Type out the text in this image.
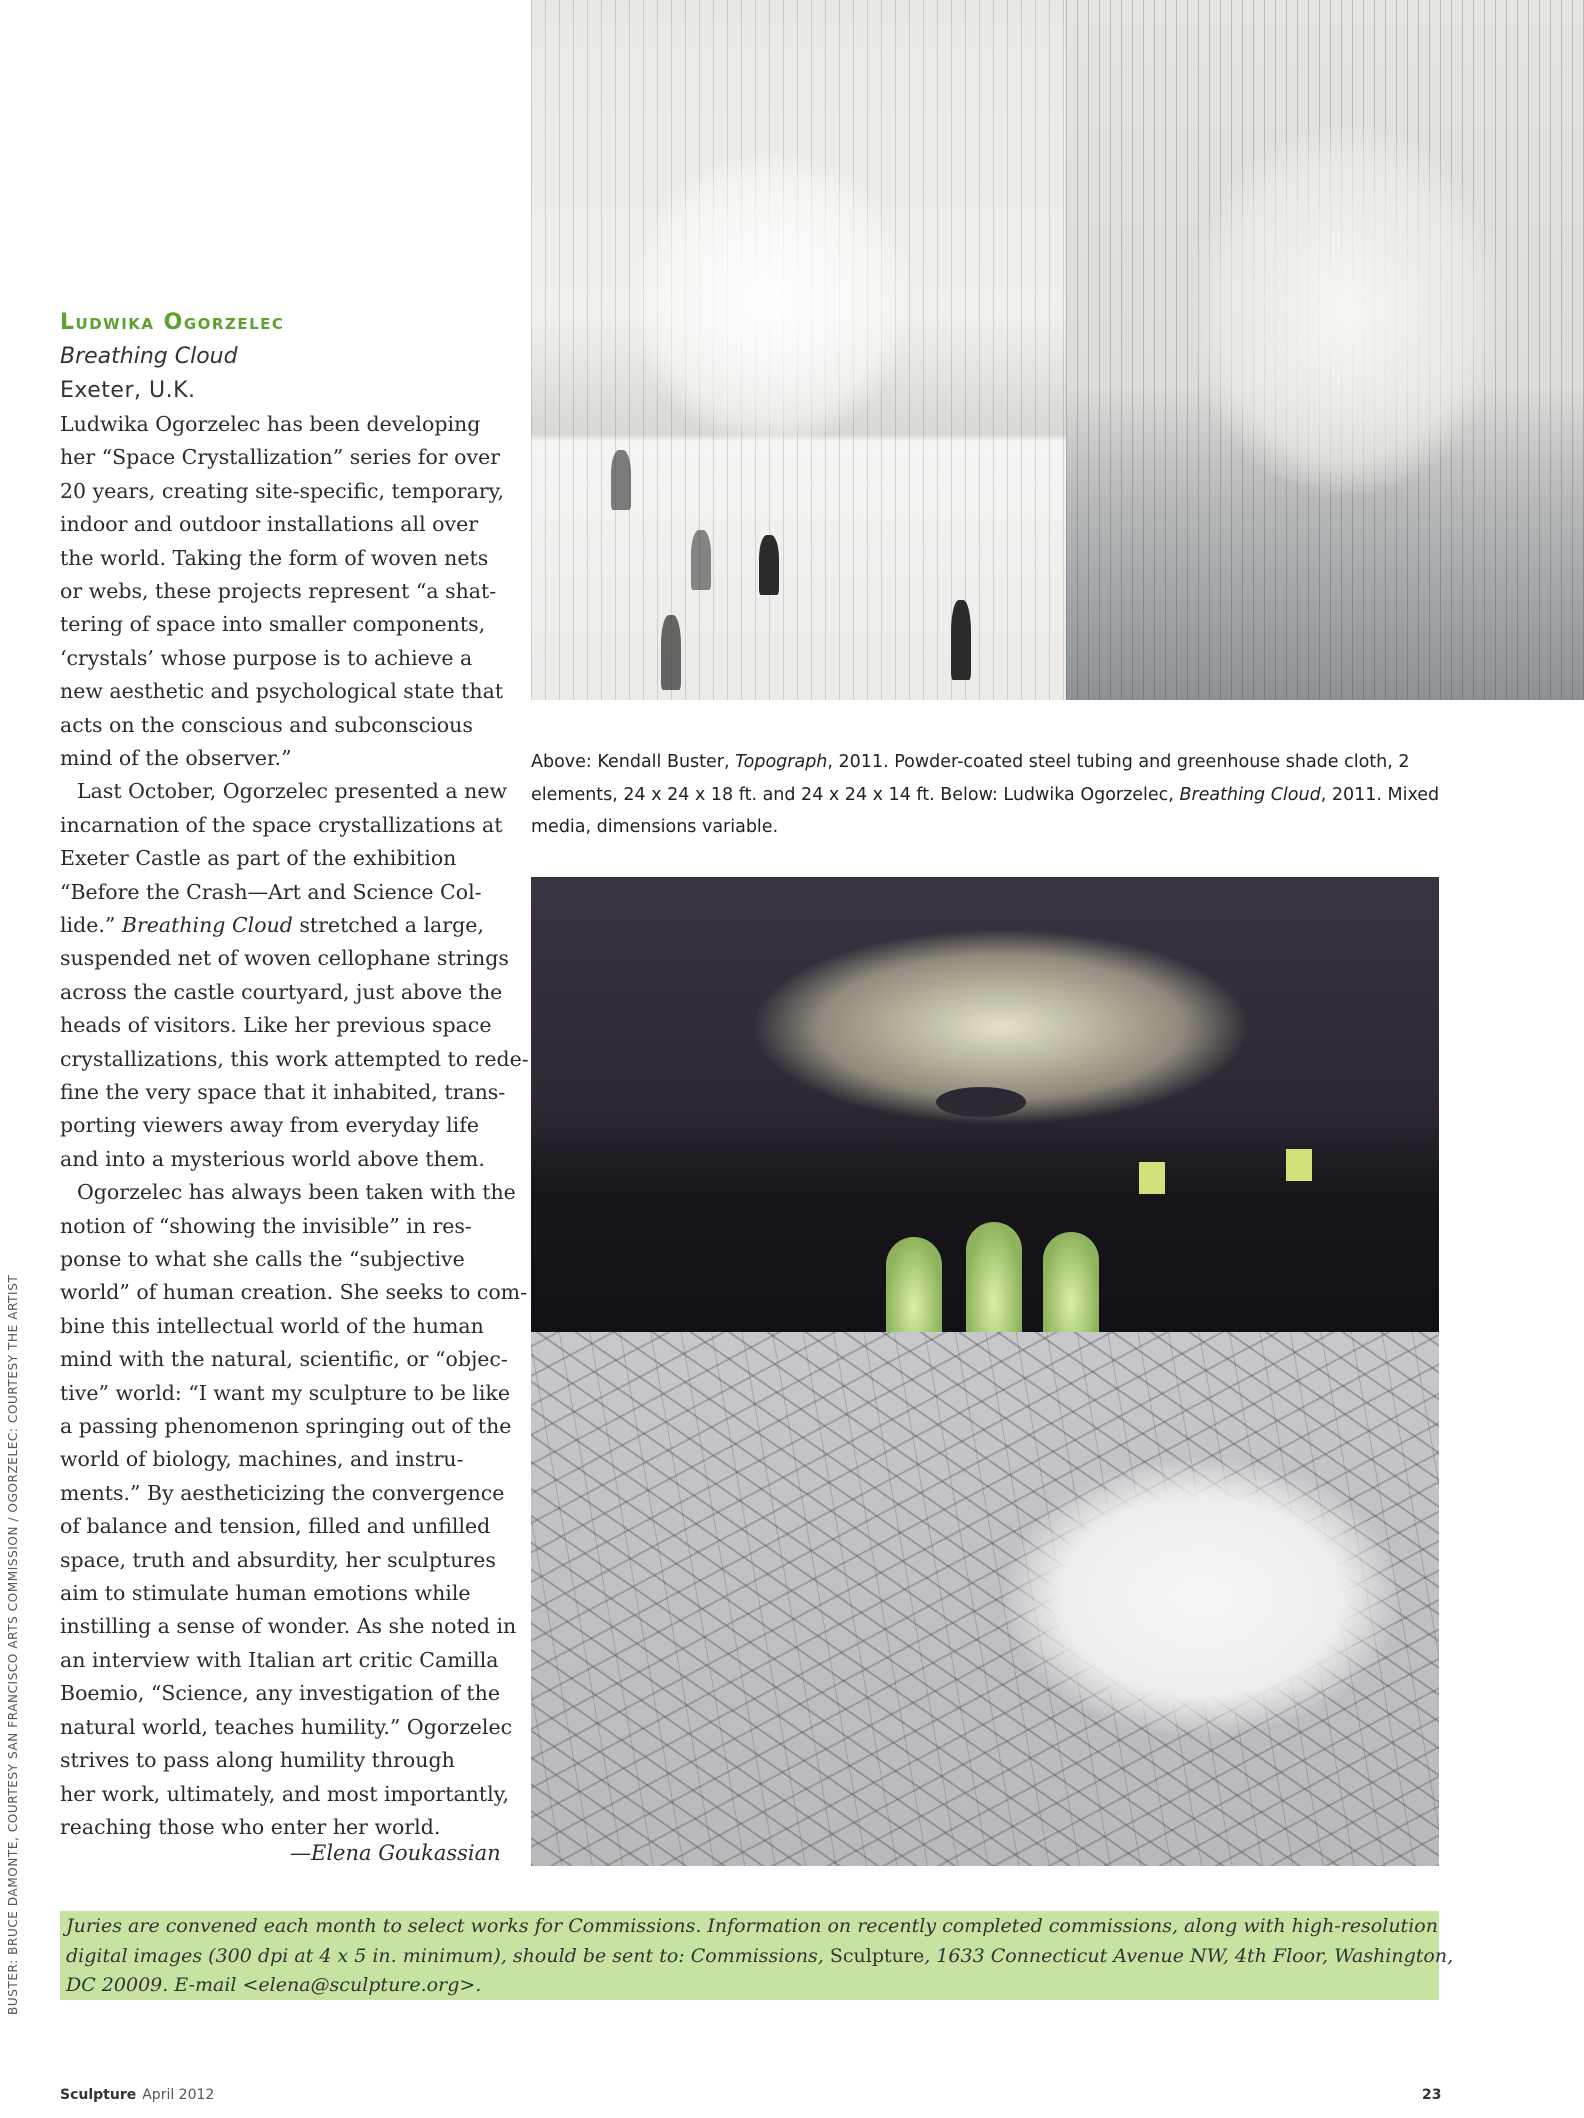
Ludwika Ogorzelec
Breathing Cloud
Exeter, U.K.
Ludwika Ogorzelec has been developing
her “Space Crystallization” series for over
20 years, creating site-specific, temporary,
indoor and outdoor installations all over
the world. Taking the form of woven nets
or webs, these projects represent “a shat-
tering of space into smaller components,
‘crystals’ whose purpose is to achieve a
new aesthetic and psychological state that
acts on the conscious and subconscious
mind of the observer.”
Last October, Ogorzelec presented a new
incarnation of the space crystallizations at
Exeter Castle as part of the exhibition
“Before the Crash—Art and Science Col-
lide.” Breathing Cloud stretched a large,
suspended net of woven cellophane strings
across the castle courtyard, just above the
heads of visitors. Like her previous space
crystallizations, this work attempted to rede-
fine the very space that it inhabited, trans-
porting viewers away from everyday life
and into a mysterious world above them.
Ogorzelec has always been taken with the
notion of “showing the invisible” in res-
ponse to what she calls the “subjective
world” of human creation. She seeks to com-
bine this intellectual world of the human
mind with the natural, scientific, or “objec-
tive” world: “I want my sculpture to be like
a passing phenomenon springing out of the
world of biology, machines, and instru-
ments.” By aestheticizing the convergence
of balance and tension, filled and unfilled
space, truth and absurdity, her sculptures
aim to stimulate human emotions while
instilling a sense of wonder. As she noted in
an interview with Italian art critic Camilla
Boemio, “Science, any investigation of the
natural world, teaches humility.” Ogorzelec
strives to pass along humility through
her work, ultimately, and most importantly,
reaching those who enter her world.
—Elena Goukassian
Above: Kendall Buster, Topograph, 2011. Powder-coated steel tubing and greenhouse shade cloth, 2
elements, 24 x 24 x 18 ft. and 24 x 24 x 14 ft. Below: Ludwika Ogorzelec, Breathing Cloud, 2011. Mixed
media, dimensions variable.
Juries are convened each month to select works for Commissions. Information on recently completed commissions, along with high-resolution
digital images (300 dpi at 4 x 5 in. minimum), should be sent to: Commissions, Sculpture, 1633 Connecticut Avenue NW, 4th Floor, Washington,
DC 20009. E-mail <elena@sculpture.org>.
BUSTER: BRUCE DAMONTE, COURTESY SAN FRANCISCO ARTS COMMISSION / OGORZELEC: COURTESY THE ARTIST
Sculpture April 2012	23
